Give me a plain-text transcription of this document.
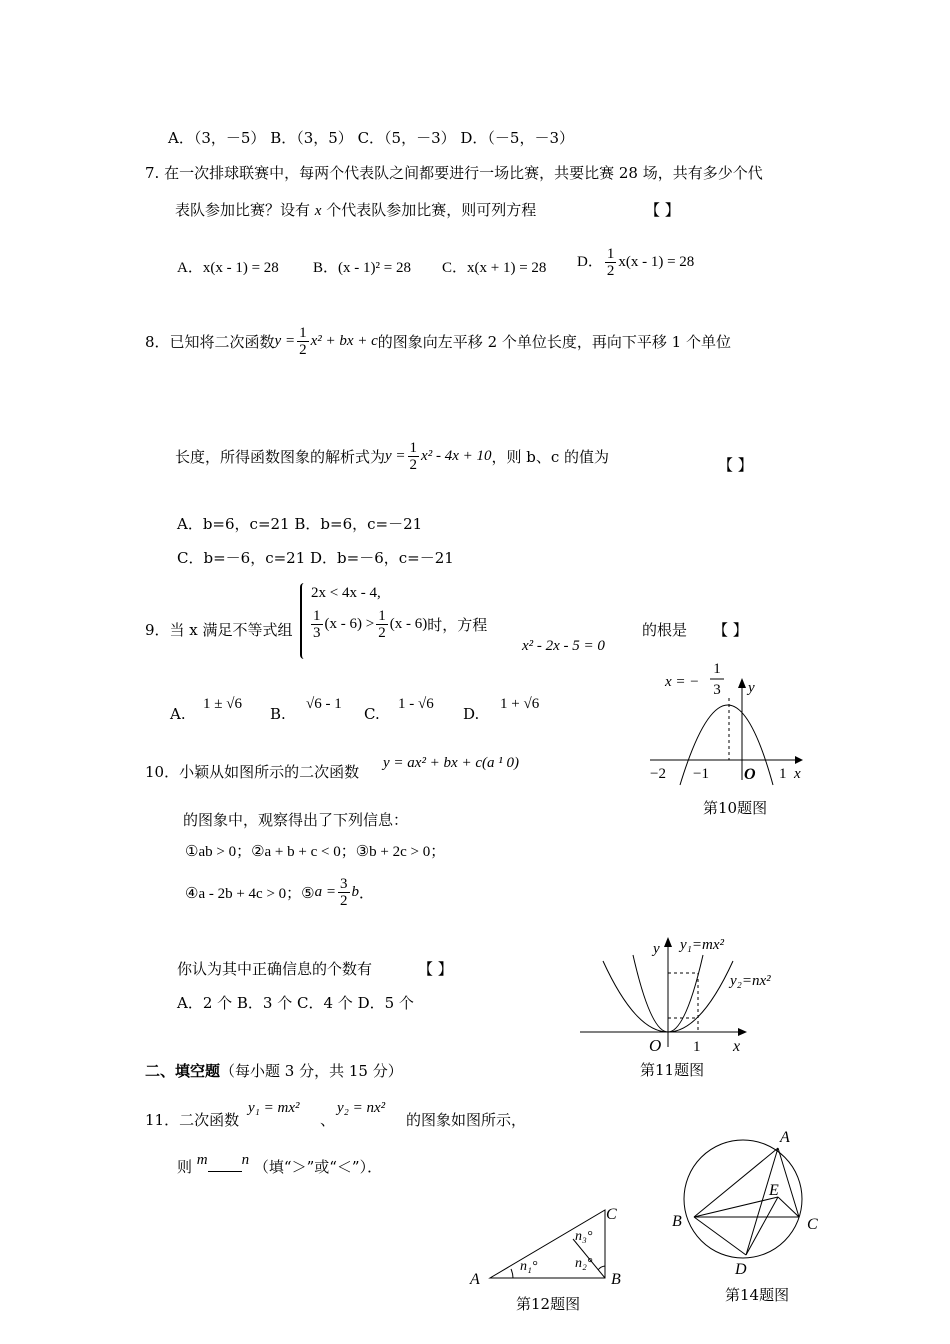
A．（3，－5） B．（3，5） C．（5，－3） D．（－5，－3）
7. 在一次排球联赛中，每两个代表队之间都要进行一场比赛，共要比赛 28 场，共有多少个代
表队参加比赛？设有 x 个代表队参加比赛，则可列方程	【 】
A．x(x - 1) = 28 B．(x - 1)² = 28 C．x(x + 1) = 28 D． $\frac{1}{2} x(x - 1) = 28$
8．已知将二次函数$y = \frac{1}{2} x^2$ + bx + c的图象向左平移 2 个单位长度，再向下平移 1 个单位
长度，所得函数图象的解析式为$y = \frac{1}{2} x^2 - 4x + 10$，则 b、c 的值为	【 】
A．b=6，c=21 B．b=6，c=－21
C．b=－6，c=21 D．b=－6，c=－21
2x < 4x - 4,
$\frac{1}{3} (x - 6) > \frac{1}{2} (x - 6)$时，方程
9．当 x 满足不等式组
x² - 2x - 5 = 0
的根是 【 】
A.
1 ± √6
B.
√6 - 1
C.
1 - √6
D.
1 + √6
10．小颖从如图所示的二次函数 y = ax² + bx + c(a ¹ 0)
的图象中，观察得出了下列信息：
①ab > 0；②a + b + c < 0；③b + 2c > 0；
④a - 2b + 4c > 0；⑤a = $\frac{3}{2}$ b．
你认为其中正确信息的个数有	【 】
A．2 个 B．3 个 C．4 个 D．5 个
x = −
1
3 y
x
−2 −1 O 1
第10题图
y y₁=mx²
y₂=nx²
O 1 x
第11题图
二、填空题（每小题 3 分，共 15 分）
11．二次函数
y₁ = mx²
、
y₂ = nx²
的图象如图所示，
则 m n （填“＞”或“＜”）．
A	B
C
n₁°	n₂°
n₃°
第12题图
A
B	C
D
E
第14题图
